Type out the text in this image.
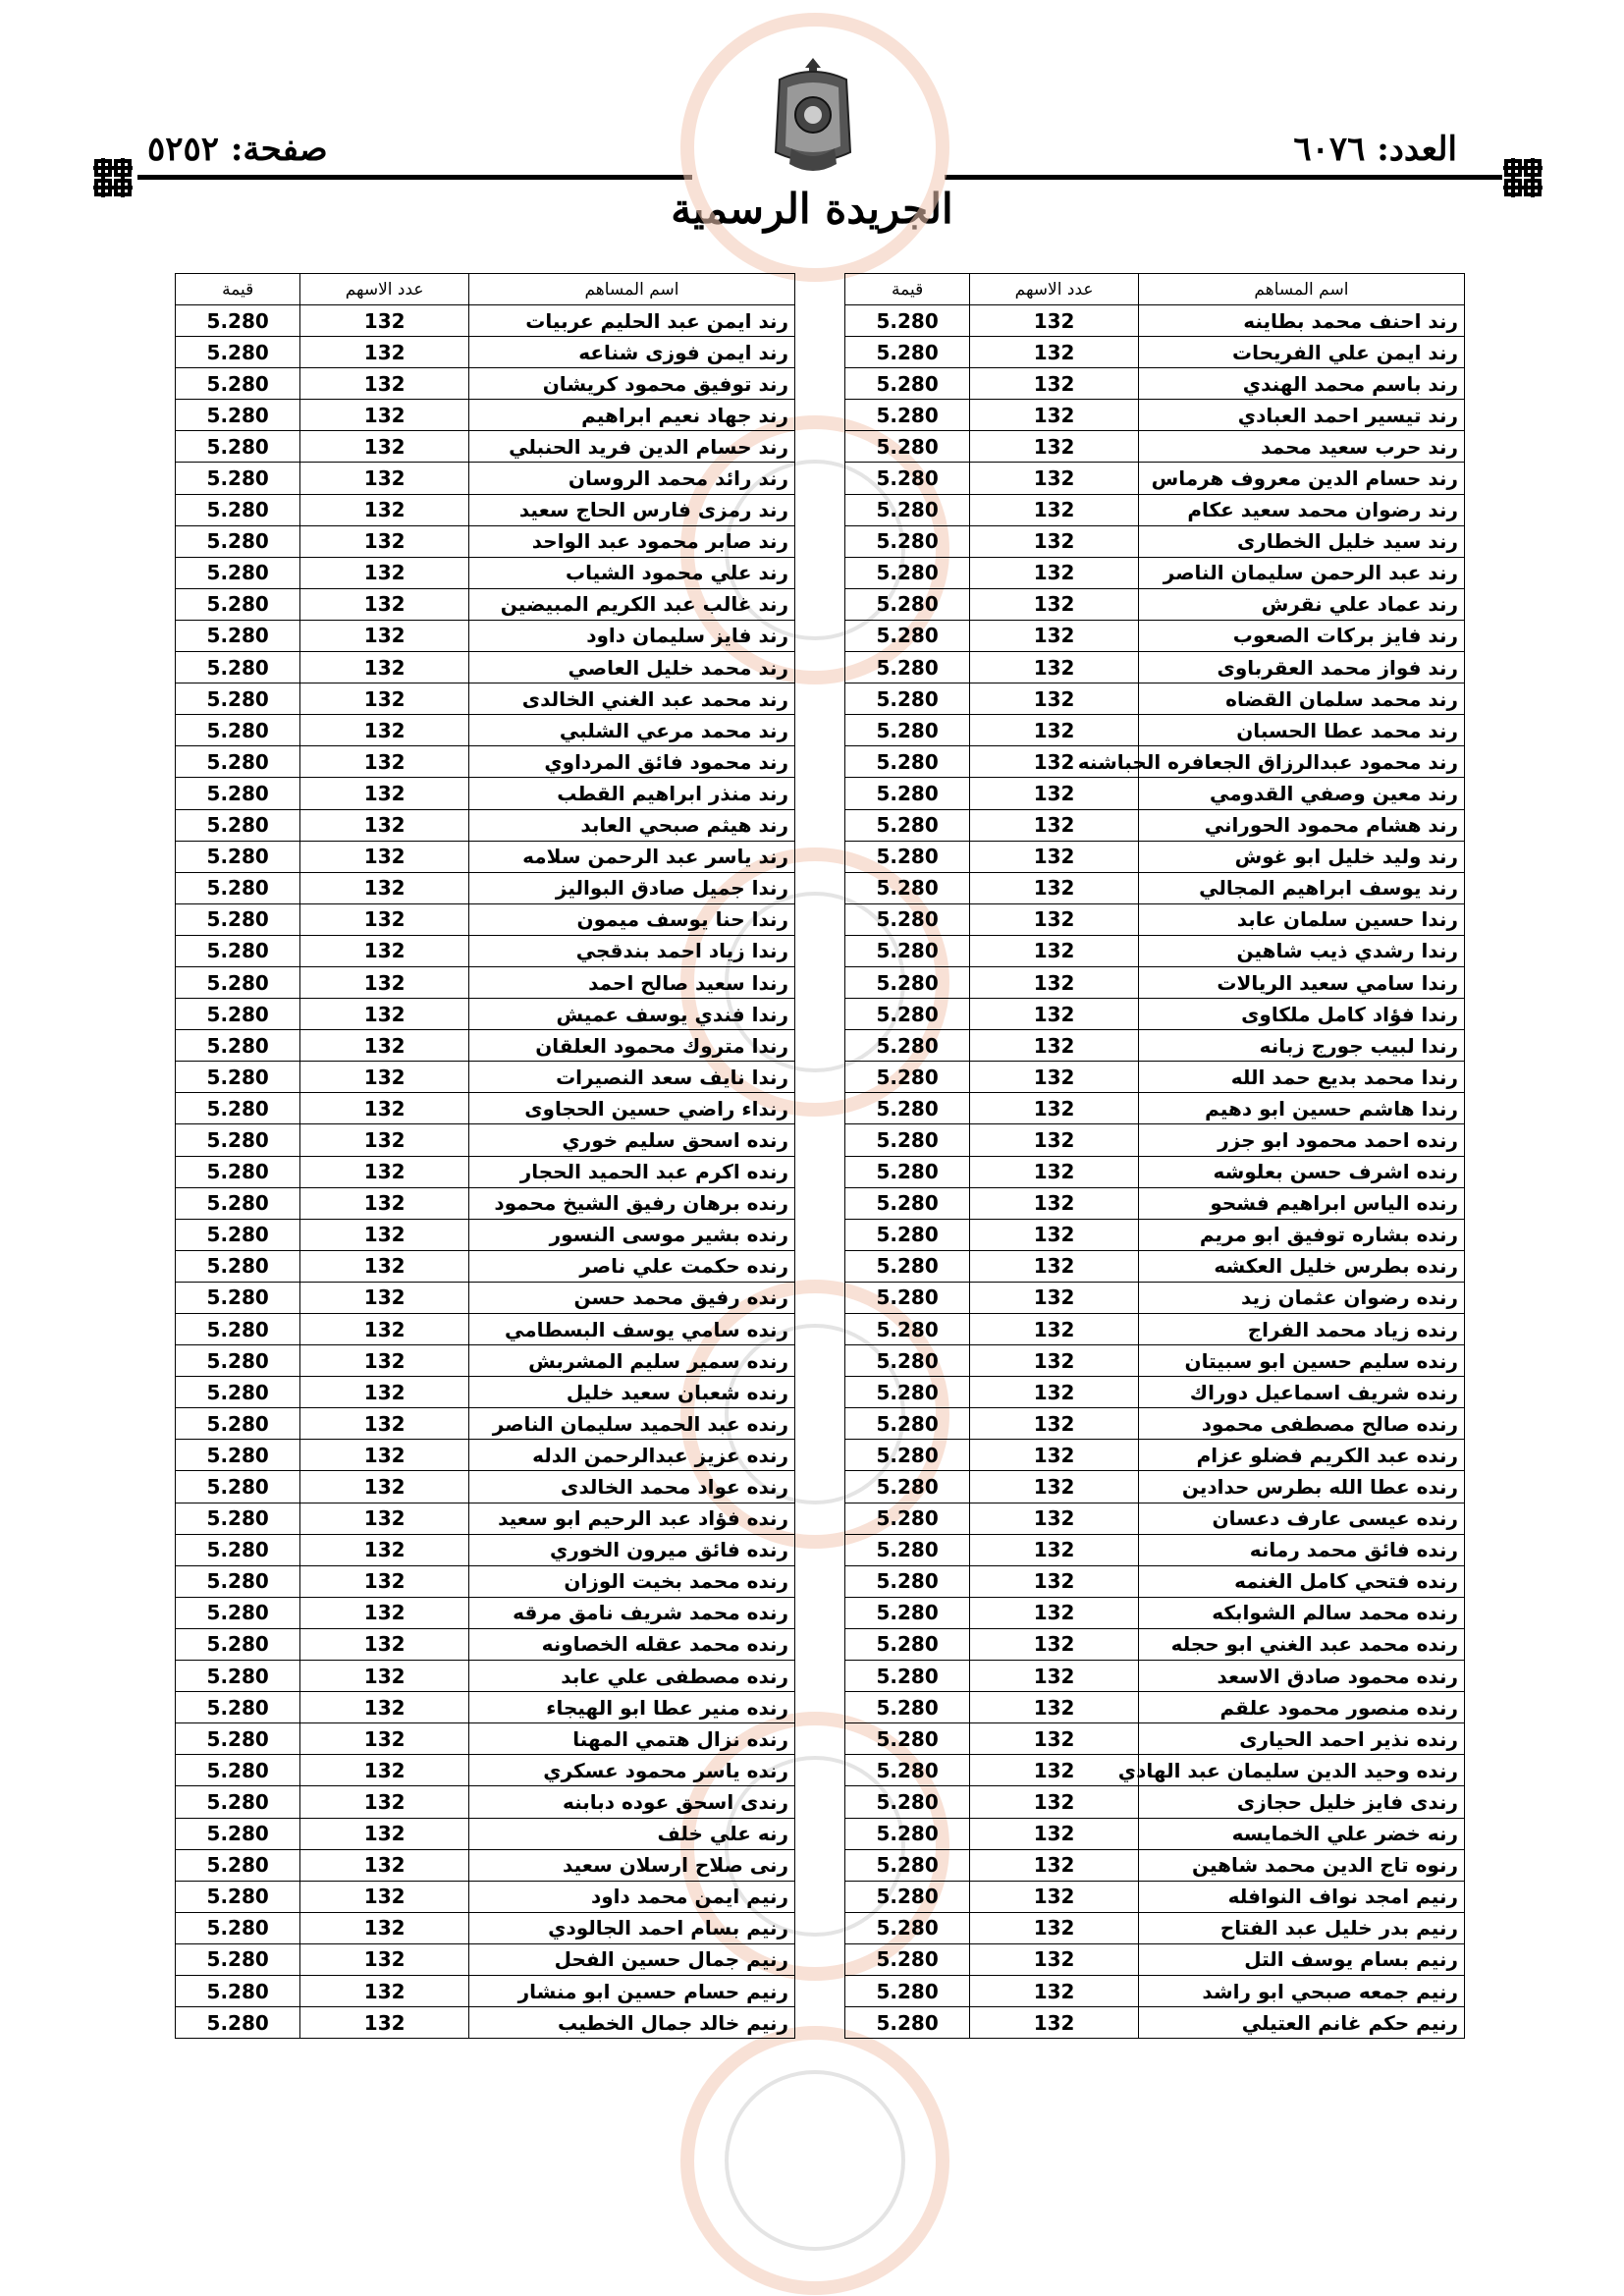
العدد: ٦٠٧٦
صفحة: ٥٢٥٢
الجريدة الرسمية
اسم المساهم	عدد الاسهم	قيمة		اسم المساهم	عدد الاسهم	قيمة
رند احنف محمد بطاينه	132	5.280		رند ايمن عبد الحليم عربيات	132	5.280
رند ايمن علي الفريحات	132	5.280		رند ايمن فوزى شناعه	132	5.280
رند باسم محمد الهندي	132	5.280		رند توفيق محمود كريشان	132	5.280
رند تيسير احمد العبادي	132	5.280		رند جهاد نعيم ابراهيم	132	5.280
رند حرب سعيد محمد	132	5.280		رند حسام الدين فريد الحنبلي	132	5.280
رند حسام الدين معروف هرماس	132	5.280		رند رائد محمد الروسان	132	5.280
رند رضوان محمد سعيد عكام	132	5.280		رند رمزى فارس الحاج سعيد	132	5.280
رند سيد خليل الخطارى	132	5.280		رند صابر محمود عبد الواحد	132	5.280
رند عبد الرحمن سليمان الناصر	132	5.280		رند علي محمود الشياب	132	5.280
رند عماد علي نقرش	132	5.280		رند غالب عبد الكريم المبيضين	132	5.280
رند فايز بركات الصعوب	132	5.280		رند فايز سليمان داود	132	5.280
رند فواز محمد العقرباوى	132	5.280		رند محمد خليل العاصي	132	5.280
رند محمد سلمان القضاه	132	5.280		رند محمد عبد الغني الخالدى	132	5.280
رند محمد عطا الحسبان	132	5.280		رند محمد مرعي الشلبي	132	5.280
رند محمود عبدالرزاق الجعافره الحباشنه	132	5.280		رند محمود فائق المرداوي	132	5.280
رند معين وصفي القدومي	132	5.280		رند منذر ابراهيم القطب	132	5.280
رند هشام محمود الحوراني	132	5.280		رند هيثم صبحي العابد	132	5.280
رند وليد خليل ابو غوش	132	5.280		رند ياسر عبد الرحمن سلامه	132	5.280
رند يوسف ابراهيم المجالي	132	5.280		رندا جميل صادق البواليز	132	5.280
رندا حسين سلمان عابد	132	5.280		رندا حنا يوسف ميمون	132	5.280
رندا رشدي ذيب شاهين	132	5.280		رندا زياد احمد بندقجي	132	5.280
رندا سامي سعيد الريالات	132	5.280		رندا سعيد صالح احمد	132	5.280
رندا فؤاد كامل ملكاوى	132	5.280		رندا فندي يوسف عميش	132	5.280
رندا لبيب جورج زبانه	132	5.280		رندا متروك محمود العلقان	132	5.280
رندا محمد بديع حمد الله	132	5.280		رندا نايف سعد النصيرات	132	5.280
رندا هاشم حسين ابو دهيم	132	5.280		رنداء راضي حسين الحجاوى	132	5.280
رنده احمد محمود ابو جزر	132	5.280		رنده اسحق سليم خوري	132	5.280
رنده اشرف حسن بعلوشه	132	5.280		رنده اكرم عبد الحميد الحجار	132	5.280
رنده الياس ابراهيم فشحو	132	5.280		رنده برهان رفيق الشيخ محمود	132	5.280
رنده بشاره توفيق ابو مريم	132	5.280		رنده بشير موسى النسور	132	5.280
رنده بطرس خليل العكشه	132	5.280		رنده حكمت علي ناصر	132	5.280
رنده رضوان عثمان زيد	132	5.280		رنده رفيق محمد حسن	132	5.280
رنده زياد محمد الفراج	132	5.280		رنده سامي يوسف البسطامي	132	5.280
رنده سليم حسين ابو سبيتان	132	5.280		رنده سمير سليم المشربش	132	5.280
رنده شريف اسماعيل دوراك	132	5.280		رنده شعبان سعيد خليل	132	5.280
رنده صالح مصطفى محمود	132	5.280		رنده عبد الحميد سليمان الناصر	132	5.280
رنده عبد الكريم فضلو عزام	132	5.280		رنده عزيز عبدالرحمن الدله	132	5.280
رنده عطا الله بطرس حدادين	132	5.280		رنده عواد محمد الخالدى	132	5.280
رنده عيسى عارف دعسان	132	5.280		رنده فؤاد عبد الرحيم ابو سعيد	132	5.280
رنده فائق محمد رمانه	132	5.280		رنده فائق ميرون الخوري	132	5.280
رنده فتحي كامل الغنمه	132	5.280		رنده محمد بخيت الوزان	132	5.280
رنده محمد سالم الشوابكه	132	5.280		رنده محمد شريف نامق مرقه	132	5.280
رنده محمد عبد الغني ابو حجله	132	5.280		رنده محمد عقله الخصاونه	132	5.280
رنده محمود صادق الاسعد	132	5.280		رنده مصطفى علي عابد	132	5.280
رنده منصور محمود علقم	132	5.280		رنده منير عطا ابو الهيجاء	132	5.280
رنده نذير احمد الحيارى	132	5.280		رنده نزال هتمي المهنا	132	5.280
رنده وحيد الدين سليمان عبد الهادي	132	5.280		رنده ياسر محمود عسكري	132	5.280
رندى فايز خليل حجازى	132	5.280		رندى اسحق عوده دبابنه	132	5.280
رنه خضر علي الخمايسه	132	5.280		رنه علي خلف	132	5.280
رنوه تاج الدين محمد شاهين	132	5.280		رنى صلاح ارسلان سعيد	132	5.280
رنيم امجد نواف النوافله	132	5.280		رنيم ايمن محمد داود	132	5.280
رنيم بدر خليل عبد الفتاح	132	5.280		رنيم بسام احمد الجالودي	132	5.280
رنيم بسام يوسف التل	132	5.280		رنيم جمال حسين الفحل	132	5.280
رنيم جمعه صبحي ابو راشد	132	5.280		رنيم حسام حسين ابو منشار	132	5.280
رنيم حكم غانم العتيلي	132	5.280		رنيم خالد جمال الخطيب	132	5.280
